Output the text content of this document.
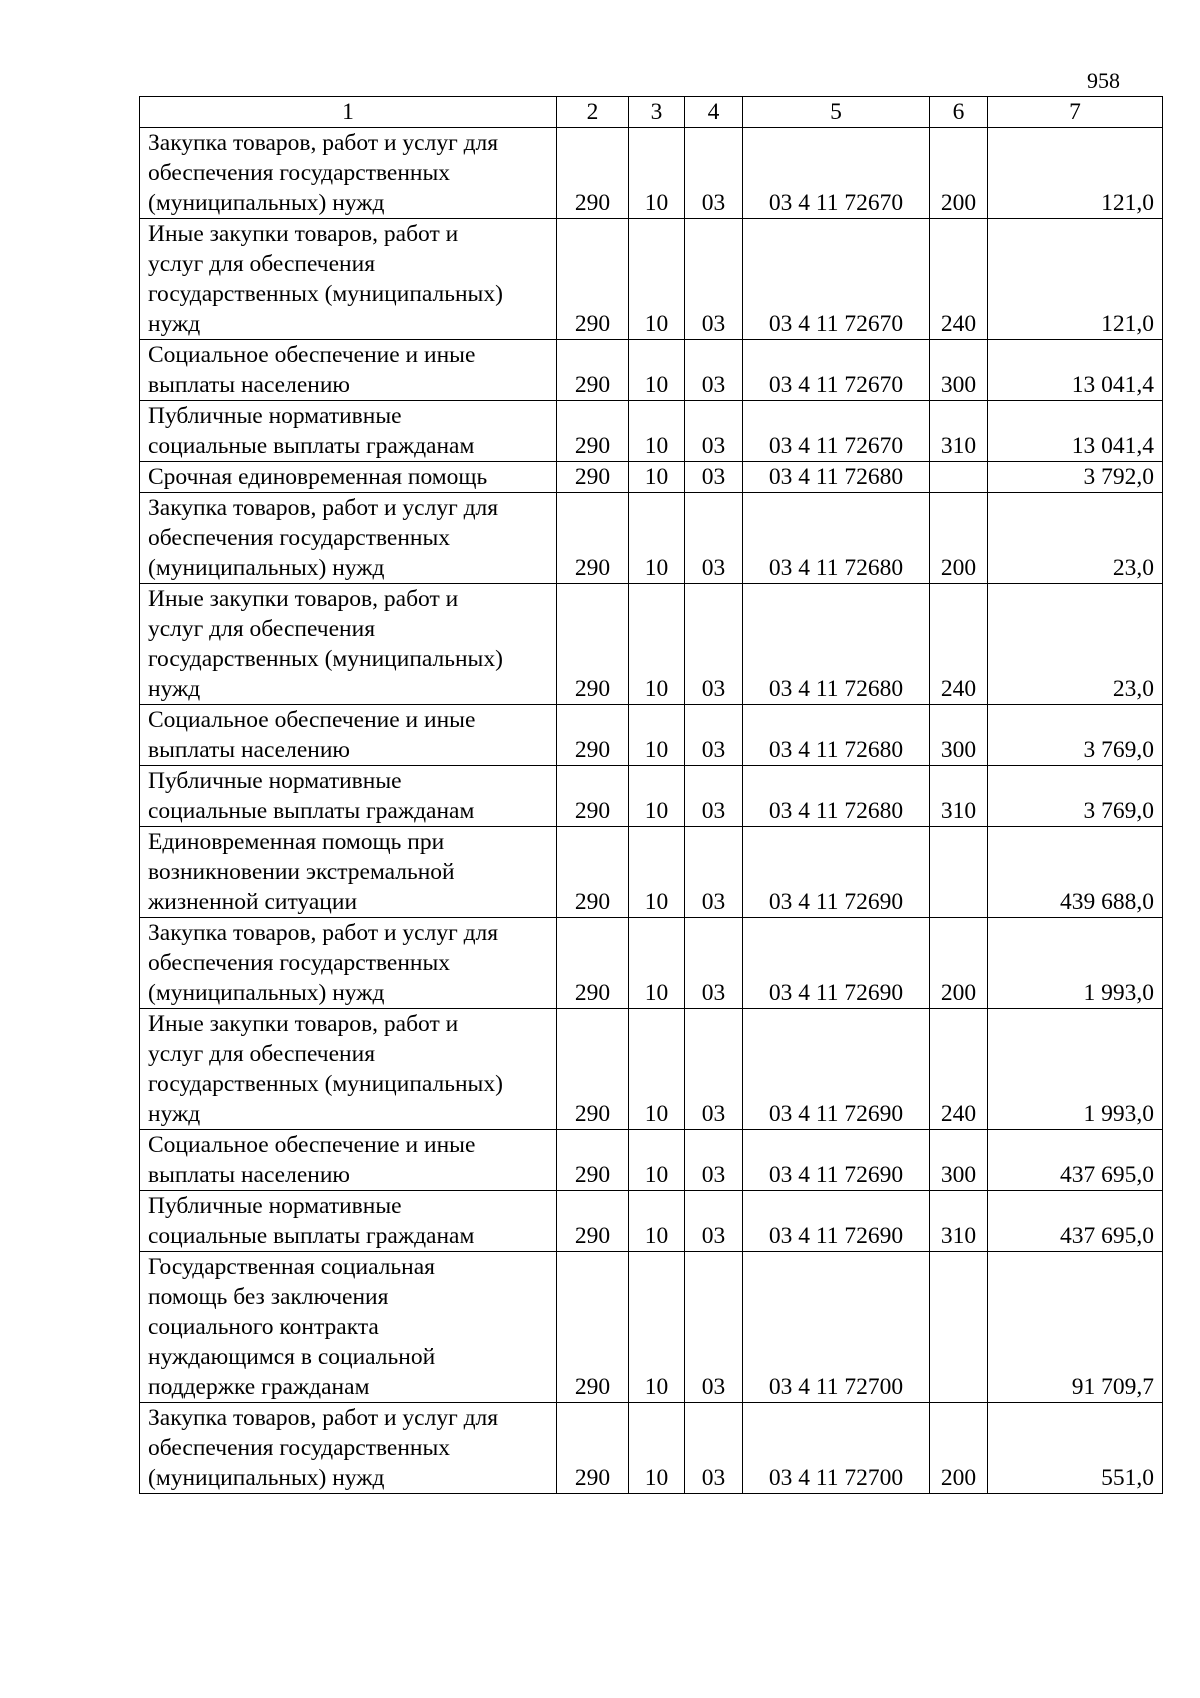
958
1	2	3	4	5	6	7

Закупка товаров, работ и услуг для
обеспечения государственных
(муниципальных) нужд	290	10	03	03 4 11 72670	200	121,0

Иные закупки товаров, работ и
услуг для обеспечения
государственных (муниципальных)
нужд	290	10	03	03 4 11 72670	240	121,0

Социальное обеспечение и иные
выплаты населению	290	10	03	03 4 11 72670	300	13 041,4

Публичные нормативные
социальные выплаты гражданам	290	10	03	03 4 11 72670	310	13 041,4

Срочная единовременная помощь	290	10	03	03 4 11 72680		3 792,0

Закупка товаров, работ и услуг для
обеспечения государственных
(муниципальных) нужд	290	10	03	03 4 11 72680	200	23,0

Иные закупки товаров, работ и
услуг для обеспечения
государственных (муниципальных)
нужд	290	10	03	03 4 11 72680	240	23,0

Социальное обеспечение и иные
выплаты населению	290	10	03	03 4 11 72680	300	3 769,0

Публичные нормативные
социальные выплаты гражданам	290	10	03	03 4 11 72680	310	3 769,0

Единовременная помощь при
возникновении экстремальной
жизненной ситуации	290	10	03	03 4 11 72690		439 688,0

Закупка товаров, работ и услуг для
обеспечения государственных
(муниципальных) нужд	290	10	03	03 4 11 72690	200	1 993,0

Иные закупки товаров, работ и
услуг для обеспечения
государственных (муниципальных)
нужд	290	10	03	03 4 11 72690	240	1 993,0

Социальное обеспечение и иные
выплаты населению	290	10	03	03 4 11 72690	300	437 695,0

Публичные нормативные
социальные выплаты гражданам	290	10	03	03 4 11 72690	310	437 695,0

Государственная социальная
помощь без заключения
социального контракта
нуждающимся в социальной
поддержке гражданам	290	10	03	03 4 11 72700		91 709,7

Закупка товаров, работ и услуг для
обеспечения государственных
(муниципальных) нужд	290	10	03	03 4 11 72700	200	551,0
